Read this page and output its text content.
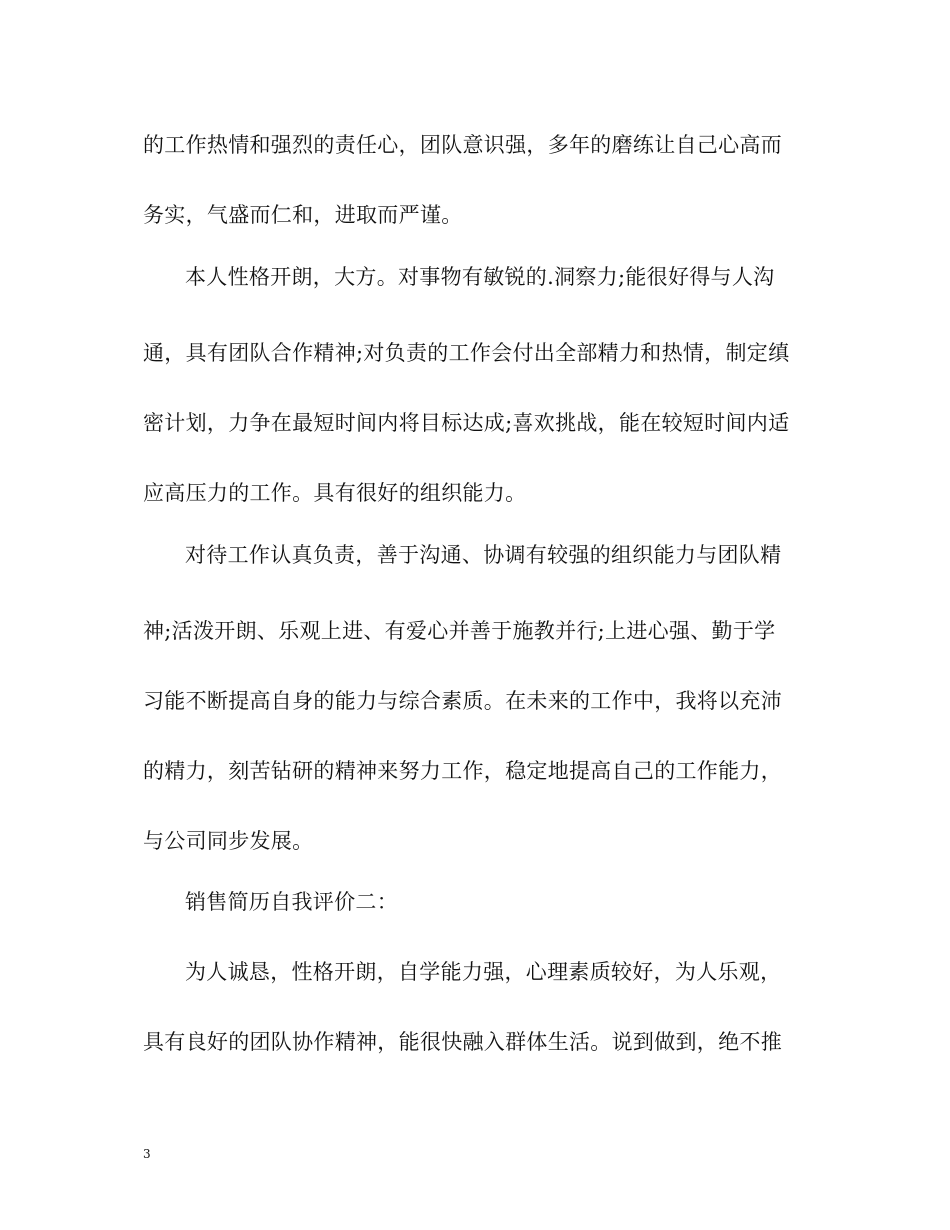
的工作热情和强烈的责任心，团队意识强，多年的磨练让自己心高而
务实，气盛而仁和，进取而严谨。
本人性格开朗，大方。对事物有敏锐的.洞察力;能很好得与人沟
通，具有团队合作精神;对负责的工作会付出全部精力和热情，制定缜
密计划，力争在最短时间内将目标达成;喜欢挑战，能在较短时间内适
应高压力的工作。具有很好的组织能力。
对待工作认真负责，善于沟通、协调有较强的组织能力与团队精
神;活泼开朗、乐观上进、有爱心并善于施教并行;上进心强、勤于学
习能不断提高自身的能力与综合素质。在未来的工作中，我将以充沛
的精力，刻苦钻研的精神来努力工作，稳定地提高自己的工作能力，
与公司同步发展。
销售简历自我评价二：
为人诚恳，性格开朗，自学能力强，心理素质较好，为人乐观，
具有良好的团队协作精神，能很快融入群体生活。说到做到，绝不推
3
